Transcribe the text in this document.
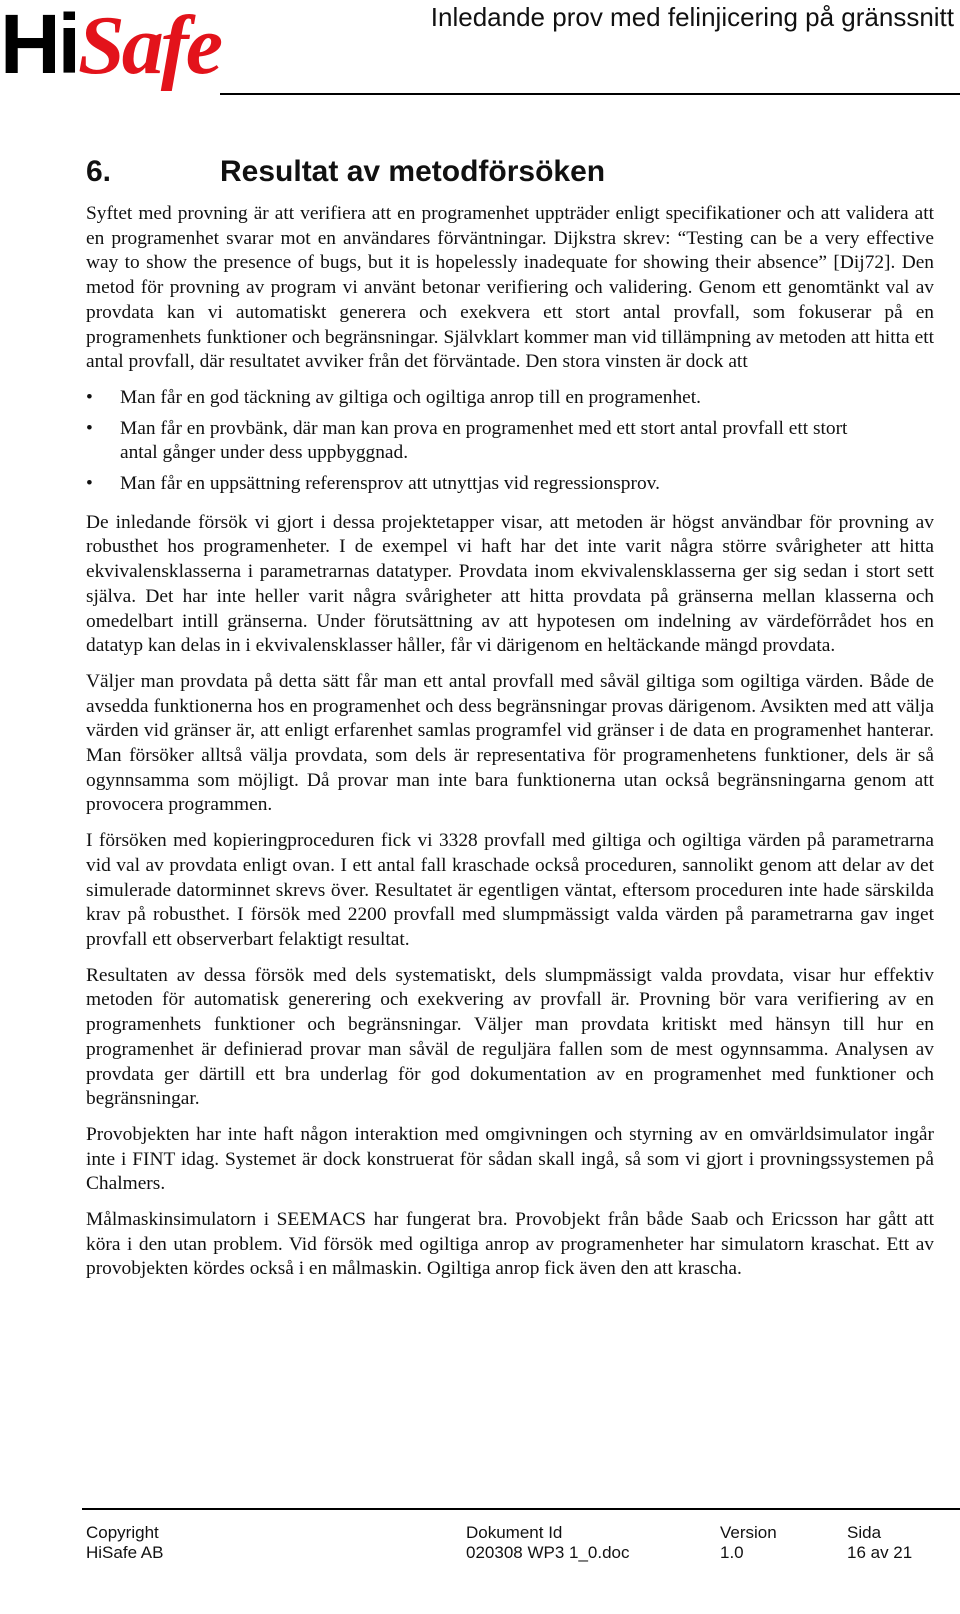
HiSafe	Inledande prov med felinjicering på gränssnitt
6.	Resultat av metodförsöken

Syftet med provning är att verifiera att en programenhet uppträder enligt specifikationer och att validera att en programenhet svarar mot en användares förväntningar. Dijkstra skrev: “Testing can be a very effective way to show the presence of bugs, but it is hopelessly inadequate for showing their absence” [Dij72]. Den metod för provning av program vi använt betonar verifiering och validering. Genom ett genomtänkt val av provdata kan vi automatiskt generera och exekvera ett stort antal provfall, som fokuserar på en programenhets funktioner och begränsningar. Självklart kommer man vid tillämpning av metoden att hitta ett antal provfall, där resultatet avviker från det förväntade. Den stora vinsten är dock att

• Man får en god täckning av giltiga och ogiltiga anrop till en programenhet.
• Man får en provbänk, där man kan prova en programenhet med ett stort antal provfall ett stort antal gånger under dess uppbyggnad.
• Man får en uppsättning referensprov att utnyttjas vid regressionsprov.

De inledande försök vi gjort i dessa projektetapper visar, att metoden är högst användbar för provning av robusthet hos programenheter. I de exempel vi haft har det inte varit några större svårigheter att hitta ekvivalensklasserna i parametrarnas datatyper. Provdata inom ekvivalensklasserna ger sig sedan i stort sett själva. Det har inte heller varit några svårigheter att hitta provdata på gränserna mellan klasserna och omedelbart intill gränserna. Under förutsättning av att hypotesen om indelning av värdeförrådet hos en datatyp kan delas in i ekvivalensklasser håller, får vi därigenom en heltäckande mängd provdata.

Väljer man provdata på detta sätt får man ett antal provfall med såväl giltiga som ogiltiga värden. Både de avsedda funktionerna hos en programenhet och dess begränsningar provas därigenom. Avsikten med att välja värden vid gränser är, att enligt erfarenhet samlas programfel vid gränser i de data en programenhet hanterar. Man försöker alltså välja provdata, som dels är representativa för programenhetens funktioner, dels är så ogynnsamma som möjligt. Då provar man inte bara funktionerna utan också begränsningarna genom att provocera programmen.

I försöken med kopieringproceduren fick vi 3328 provfall med giltiga och ogiltiga värden på parametrarna vid val av provdata enligt ovan. I ett antal fall kraschade också proceduren, sannolikt genom att delar av det simulerade datorminnet skrevs över. Resultatet är egentligen väntat, eftersom proceduren inte hade särskilda krav på robusthet. I försök med 2200 provfall med slumpmässigt valda värden på parametrarna gav inget provfall ett observerbart felaktigt resultat.

Resultaten av dessa försök med dels systematiskt, dels slumpmässigt valda provdata, visar hur effektiv metoden för automatisk generering och exekvering av provfall är. Provning bör vara verifiering av en programenhets funktioner och begränsningar. Väljer man provdata kritiskt med hänsyn till hur en programenhet är definierad provar man såväl de reguljära fallen som de mest ogynnsamma. Analysen av provdata ger därtill ett bra underlag för god dokumentation av en programenhet med funktioner och begränsningar.

Provobjekten har inte haft någon interaktion med omgivningen och styrning av en omvärldsimulator ingår inte i FINT idag. Systemet är dock konstruerat för sådan skall ingå, så som vi gjort i provningssystemen på Chalmers.

Målmaskinsimulatorn i SEEMACS har fungerat bra. Provobjekt från både Saab och Ericsson har gått att köra i den utan problem. Vid försök med ogiltiga anrop av programenheter har simulatorn kraschat. Ett av provobjekten kördes också i en målmaskin. Ogiltiga anrop fick även den att krascha.

Copyright
HiSafe AB
Dokument Id
020308 WP3 1_0.doc
Version
1.0
Sida
16 av 21
